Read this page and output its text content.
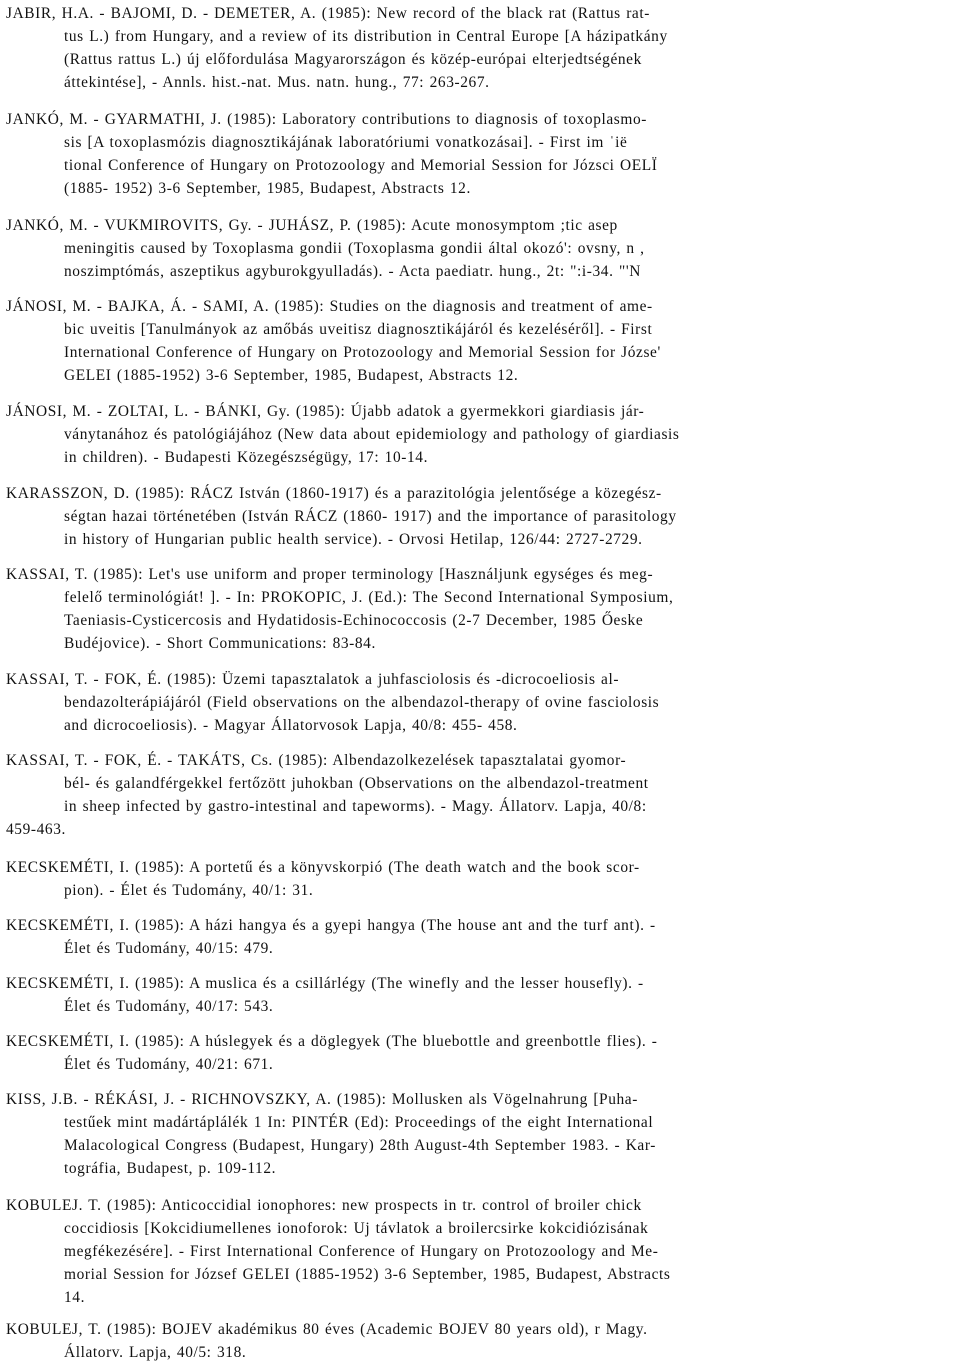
JABIR, H.A. - BAJOMI, D. - DEMETER, A. (1985): New record of the black rat (Rattus rat-
tus L.) from Hungary, and a review of its distribution in Central Europe [A házipatkány
(Rattus rattus L.) új előfordulása Magyarországon és közép-európai elterjedtségének
áttekintése], - Annls. hist.-nat. Mus. natn. hung., 77: 263-267.
JANKÓ, M. - GYARMATHI, J. (1985): Laboratory contributions to diagnosis of toxoplasmo-
sis [A toxoplasmózis diagnosztikájának laboratóriumi vonatkozásai]. - First im ˈië
tional Conference of Hungary on Protozoology and Memorial Session for Józsci OELÏ
(1885- 1952) 3-6 September, 1985, Budapest, Abstracts 12.
JANKÓ, M. - VUKMIROVITS, Gy. - JUHÁSZ, P. (1985): Acute monosymptom ;tic asep
meningitis caused by Toxoplasma gondii (Toxoplasma gondii által okozó': ovsny, n ,
noszimptómás, aszeptikus agyburokgyulladás). - Acta paediatr. hung., 2t: ":i-34. "'N
JÁNOSI, M. - BAJKA, Á. - SAMI, A. (1985): Studies on the diagnosis and treatment of ame-
bic uveitis [Tanulmányok az amőbás uveitisz diagnosztikájáról és kezeléséről]. - First
International Conference of Hungary on Protozoology and Memorial Session for Józse'
GELEI (1885-1952) 3-6 September, 1985, Budapest, Abstracts 12.
JÁNOSI, M. - ZOLTAI, L. - BÁNKI, Gy. (1985): Újabb adatok a gyermekkori giardiasis jár-
ványtanához és patológiájához (New data about epidemiology and pathology of giardiasis
in children). - Budapesti Közegészségügy, 17: 10-14.
KARASSZON, D. (1985): RÁCZ István (1860-1917) és a parazitológia jelentősége a közegész-
ségtan hazai történetében (István RÁCZ (1860- 1917) and the importance of parasitology
in history of Hungarian public health service). - Orvosi Hetilap, 126/44: 2727-2729.
KASSAI, T. (1985): Let's use uniform and proper terminology [Használjunk egységes és meg-
felelő terminológiát! ]. - In: PROKOPIC, J. (Ed.): The Second International Symposium,
Taeniasis-Cysticercosis and Hydatidosis-Echinococcosis (2-7 December, 1985 Őeske
Budéjovice). - Short Communications: 83-84.
KASSAI, T. - FOK, É. (1985): Üzemi tapasztalatok a juhfasciolosis és -dicrocoeliosis al-
bendazolterápiájáról (Field observations on the albendazol-therapy of ovine fasciolosis
and dicrocoeliosis). - Magyar Állatorvosok Lapja, 40/8: 455- 458.
KASSAI, T. - FOK, É. - TAKÁTS, Cs. (1985): Albendazolkezelések tapasztalatai gyomor-
bél- és galandférgekkel fertőzött juhokban (Observations on the albendazol-treatment
in sheep infected by gastro-intestinal and tapeworms). - Magy. Állatorv. Lapja, 40/8:
459-463.
KECSKEMÉTI, I. (1985): A portetű és a könyvskorpió (The death watch and the book scor-
pion). - Élet és Tudomány, 40/1: 31.
KECSKEMÉTI, I. (1985): A házi hangya és a gyepi hangya (The house ant and the turf ant). -
Élet és Tudomány, 40/15: 479.
KECSKEMÉTI, I. (1985): A muslica és a csillárlégy (The winefly and the lesser housefly). -
Élet és Tudomány, 40/17: 543.
KECSKEMÉTI, I. (1985): A húslegyek és a döglegyek (The bluebottle and greenbottle flies). -
Élet és Tudomány, 40/21: 671.
KISS, J.B. - RÉKÁSI, J. - RICHNOVSZKY, A. (1985): Mollusken als Vögelnahrung [Puha-
testűek mint madártáplálék 1 In: PINTÉR (Ed): Proceedings of the eight International
Malacological Congress (Budapest, Hungary) 28th August-4th September 1983. - Kar-
tográfia, Budapest, p. 109-112.
KOBULEJ. T. (1985): Anticoccidial ionophores: new prospects in tr. control of broiler chick
coccidiosis [Kokcidiumellenes ionoforok: Uj távlatok a broilercsirke kokcidiózisának
megfékezésére]. - First International Conference of Hungary on Protozoology and Me-
morial Session for József GELEI (1885-1952) 3-6 September, 1985, Budapest, Abstracts
14.
KOBULEJ, T. (1985): BOJEV akadémikus 80 éves (Academic BOJEV 80 years old), r Magy.
Állatorv. Lapja, 40/5: 318.
